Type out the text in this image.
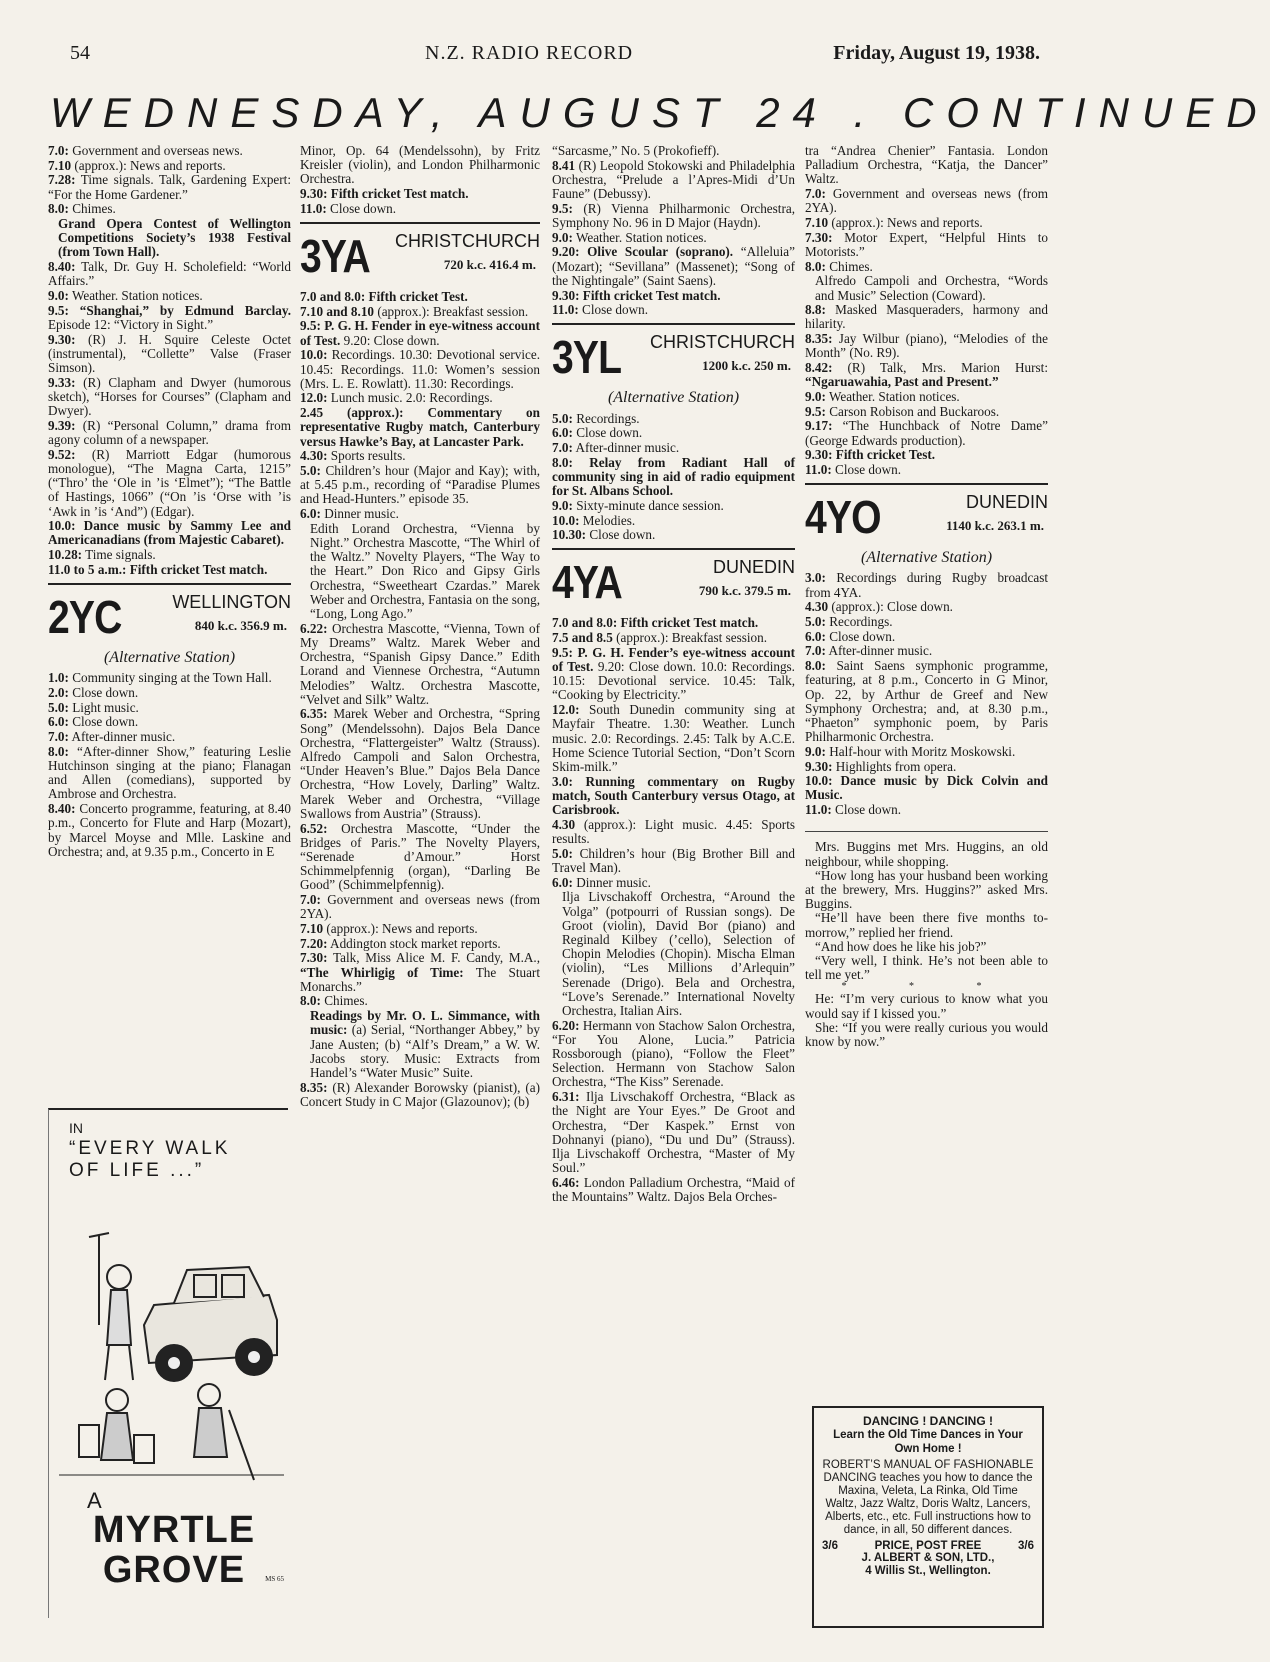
54	N.Z. RADIO RECORD	Friday, August 19, 1938.
WEDNESDAY, AUGUST 24 . CONTINUED
7.0: Government and overseas news.
7.10 (approx.): News and reports.
7.28: Time signals. Talk, Gardening Expert: “For the Home Gardener.”
8.0: Chimes.
Grand Opera Contest of Wellington Competitions Society’s 1938 Festival (from Town Hall).
8.40: Talk, Dr. Guy H. Scholefield: “World Affairs.”
9.0: Weather. Station notices.
9.5: “Shanghai,” by Edmund Barclay. Episode 12: “Victory in Sight.”
9.30: (R) J. H. Squire Celeste Octet (instrumental), “Collette” Valse (Fraser Simson).
9.33: (R) Clapham and Dwyer (humorous sketch), “Horses for Courses” (Clapham and Dwyer).
9.39: (R) “Personal Column,” drama from agony column of a newspaper.
9.52: (R) Marriott Edgar (humorous monologue), “The Magna Carta, 1215” (“Thro’ the ‘Ole in ’is ‘Elmet”); “The Battle of Hastings, 1066” (“On ’is ‘Orse with ’is ‘Awk in ’is ‘And”) (Edgar).
10.0: Dance music by Sammy Lee and Americanadians (from Majestic Cabaret).
10.28: Time signals.
11.0 to 5 a.m.: Fifth cricket Test match.
2YC	WELLINGTON
840 k.c. 356.9 m.
(Alternative Station)
1.0: Community singing at the Town Hall.
2.0: Close down.
5.0: Light music.
6.0: Close down.
7.0: After-dinner music.
8.0: “After-dinner Show,” featuring Leslie Hutchinson singing at the piano; Flanagan and Allen (comedians), supported by Ambrose and Orchestra.
8.40: Concerto programme, featuring, at 8.40 p.m., Concerto for Flute and Harp (Mozart), by Marcel Moyse and Mlle. Laskine and Orchestra; and, at 9.35 p.m., Concerto in E
IN
“EVERY WALK OF LIFE ...”
A
MYRTLE GROVE	MS 65
Minor, Op. 64 (Mendelssohn), by Fritz Kreisler (violin), and London Philharmonic Orchestra.
9.30: Fifth cricket Test match.
11.0: Close down.
3YA CHRISTCHURCH
720 k.c. 416.4 m.
7.0 and 8.0: Fifth cricket Test.
7.10 and 8.10 (approx.): Breakfast session.
9.5: P. G. H. Fender in eye-witness account of Test. 9.20: Close down.
10.0: Recordings. 10.30: Devotional service. 10.45: Recordings. 11.0: Women’s session (Mrs. L. E. Rowlatt). 11.30: Recordings.
12.0: Lunch music. 2.0: Recordings.
2.45 (approx.): Commentary on representative Rugby match, Canterbury versus Hawke’s Bay, at Lancaster Park.
4.30: Sports results.
5.0: Children’s hour (Major and Kay); with, at 5.45 p.m., recording of “Paradise Plumes and Head-Hunters.” episode 35.
6.0: Dinner music.
Edith Lorand Orchestra, “Vienna by Night.” Orchestra Mascotte, “The Whirl of the Waltz.” Novelty Players, “The Way to the Heart.” Don Rico and Gipsy Girls Orchestra, “Sweetheart Czardas.” Marek Weber and Orchestra, Fantasia on the song, “Long, Long Ago.”
6.22: Orchestra Mascotte, “Vienna, Town of My Dreams” Waltz. Marek Weber and Orchestra, “Spanish Gipsy Dance.” Edith Lorand and Viennese Orchestra, “Autumn Melodies” Waltz. Orchestra Mascotte, “Velvet and Silk” Waltz.
6.35: Marek Weber and Orchestra, “Spring Song” (Mendelssohn). Dajos Bela Dance Orchestra, “Flattergeister” Waltz (Strauss). Alfredo Campoli and Salon Orchestra, “Under Heaven’s Blue.” Dajos Bela Dance Orchestra, “How Lovely, Darling” Waltz. Marek Weber and Orchestra, “Village Swallows from Austria” (Strauss).
6.52: Orchestra Mascotte, “Under the Bridges of Paris.” The Novelty Players, “Serenade d’Amour.” Horst Schimmelpfennig (organ), “Darling Be Good” (Schimmelpfennig).
7.0: Government and overseas news (from 2YA).
7.10 (approx.): News and reports.
7.20: Addington stock market reports.
7.30: Talk, Miss Alice M. F. Candy, M.A., “The Whirligig of Time: The Stuart Monarchs.”
8.0: Chimes.
Readings by Mr. O. L. Simmance, with music: (a) Serial, “Northanger Abbey,” by Jane Austen; (b) “Alf’s Dream,” a W. W. Jacobs story. Music: Extracts from Handel’s “Water Music” Suite.
8.35: (R) Alexander Borowsky (pianist), (a) Concert Study in C Major (Glazounov); (b)
“Sarcasme,” No. 5 (Prokofieff).
8.41 (R) Leopold Stokowski and Philadelphia Orchestra, “Prelude a l’Apres-Midi d’Un Faune” (Debussy).
9.5: (R) Vienna Philharmonic Orchestra, Symphony No. 96 in D Major (Haydn).
9.0: Weather. Station notices.
9.20: Olive Scoular (soprano). “Alleluia” (Mozart); “Sevillana” (Massenet); “Song of the Nightingale” (Saint Saens).
9.30: Fifth cricket Test match.
11.0: Close down.
3YL CHRISTCHURCH
1200 k.c. 250 m.
(Alternative Station)
5.0: Recordings.
6.0: Close down.
7.0: After-dinner music.
8.0: Relay from Radiant Hall of community sing in aid of radio equipment for St. Albans School.
9.0: Sixty-minute dance session.
10.0: Melodies.
10.30: Close down.
4YA	DUNEDIN
790 k.c. 379.5 m.
7.0 and 8.0: Fifth cricket Test match.
7.5 and 8.5 (approx.): Breakfast session.
9.5: P. G. H. Fender’s eye-witness account of Test. 9.20: Close down. 10.0: Recordings. 10.15: Devotional service. 10.45: Talk, “Cooking by Electricity.”
12.0: South Dunedin community sing at Mayfair Theatre. 1.30: Weather. Lunch music. 2.0: Recordings. 2.45: Talk by A.C.E. Home Science Tutorial Section, “Don’t Scorn Skim-milk.”
3.0: Running commentary on Rugby match, South Canterbury versus Otago, at Carisbrook.
4.30 (approx.): Light music. 4.45: Sports results.
5.0: Children’s hour (Big Brother Bill and Travel Man).
6.0: Dinner music.
Ilja Livschakoff Orchestra, “Around the Volga” (potpourri of Russian songs). De Groot (violin), David Bor (piano) and Reginald Kilbey (’cello), Selection of Chopin Melodies (Chopin). Mischa Elman (violin), “Les Millions d’Arlequin” Serenade (Drigo). Bela and Orchestra, “Love’s Serenade.” International Novelty Orchestra, Italian Airs.
6.20: Hermann von Stachow Salon Orchestra, “For You Alone, Lucia.” Patricia Rossborough (piano), “Follow the Fleet” Selection. Hermann von Stachow Salon Orchestra, “The Kiss” Serenade.
6.31: Ilja Livschakoff Orchestra, “Black as the Night are Your Eyes.” De Groot and Orchestra, “Der Kaspek.” Ernst von Dohnanyi (piano), “Du und Du” (Strauss). Ilja Livschakoff Orchestra, “Master of My Soul.”
6.46: London Palladium Orchestra, “Maid of the Mountains” Waltz. Dajos Bela Orches-
tra “Andrea Chenier” Fantasia. London Palladium Orchestra, “Katja, the Dancer” Waltz.
7.0: Government and overseas news (from 2YA).
7.10 (approx.): News and reports.
7.30: Motor Expert, “Helpful Hints to Motorists.”
8.0: Chimes.
Alfredo Campoli and Orchestra, “Words and Music” Selection (Coward).
8.8: Masked Masqueraders, harmony and hilarity.
8.35: Jay Wilbur (piano), “Melodies of the Month” (No. R9).
8.42: (R) Talk, Mrs. Marion Hurst: “Ngaruawahia, Past and Present.”
9.0: Weather. Station notices.
9.5: Carson Robison and Buckaroos.
9.17: “The Hunchback of Notre Dame” (George Edwards production).
9.30: Fifth cricket Test.
11.0: Close down.
4YO	DUNEDIN
1140 k.c. 263.1 m.
(Alternative Station)
3.0: Recordings during Rugby broadcast from 4YA.
4.30 (approx.): Close down.
5.0: Recordings.
6.0: Close down.
7.0: After-dinner music.
8.0: Saint Saens symphonic programme, featuring, at 8 p.m., Concerto in G Minor, Op. 22, by Arthur de Greef and New Symphony Orchestra; and, at 8.30 p.m., “Phaeton” symphonic poem, by Paris Philharmonic Orchestra.
9.0: Half-hour with Moritz Moskowski.
9.30: Highlights from opera.
10.0: Dance music by Dick Colvin and Music.
11.0: Close down.

Mrs. Buggins met Mrs. Huggins, an old neighbour, while shopping.

“How long has your husband been working at the brewery, Mrs. Huggins?” asked Mrs. Buggins.

“He’ll have been there five months to-morrow,” replied her friend.

“And how does he like his job?”

“Very well, I think. He’s not been able to tell me yet.”

* * *

He: “I’m very curious to know what you would say if I kissed you.”

She: “If you were really curious you would know by now.”

DANCING ! DANCING !
Learn the Old Time Dances in Your Own Home !
ROBERT’S MANUAL OF FASHIONABLE DANCING teaches you how to dance the Maxina, Veleta, La Rinka, Old Time Waltz, Jazz Waltz, Doris Waltz, Lancers, Alberts, etc., etc. Full instructions how to dance, in all, 50 different dances.
3/6	PRICE, POST FREE	3/6
J. ALBERT & SON, LTD.,
4 Willis St., Wellington.
